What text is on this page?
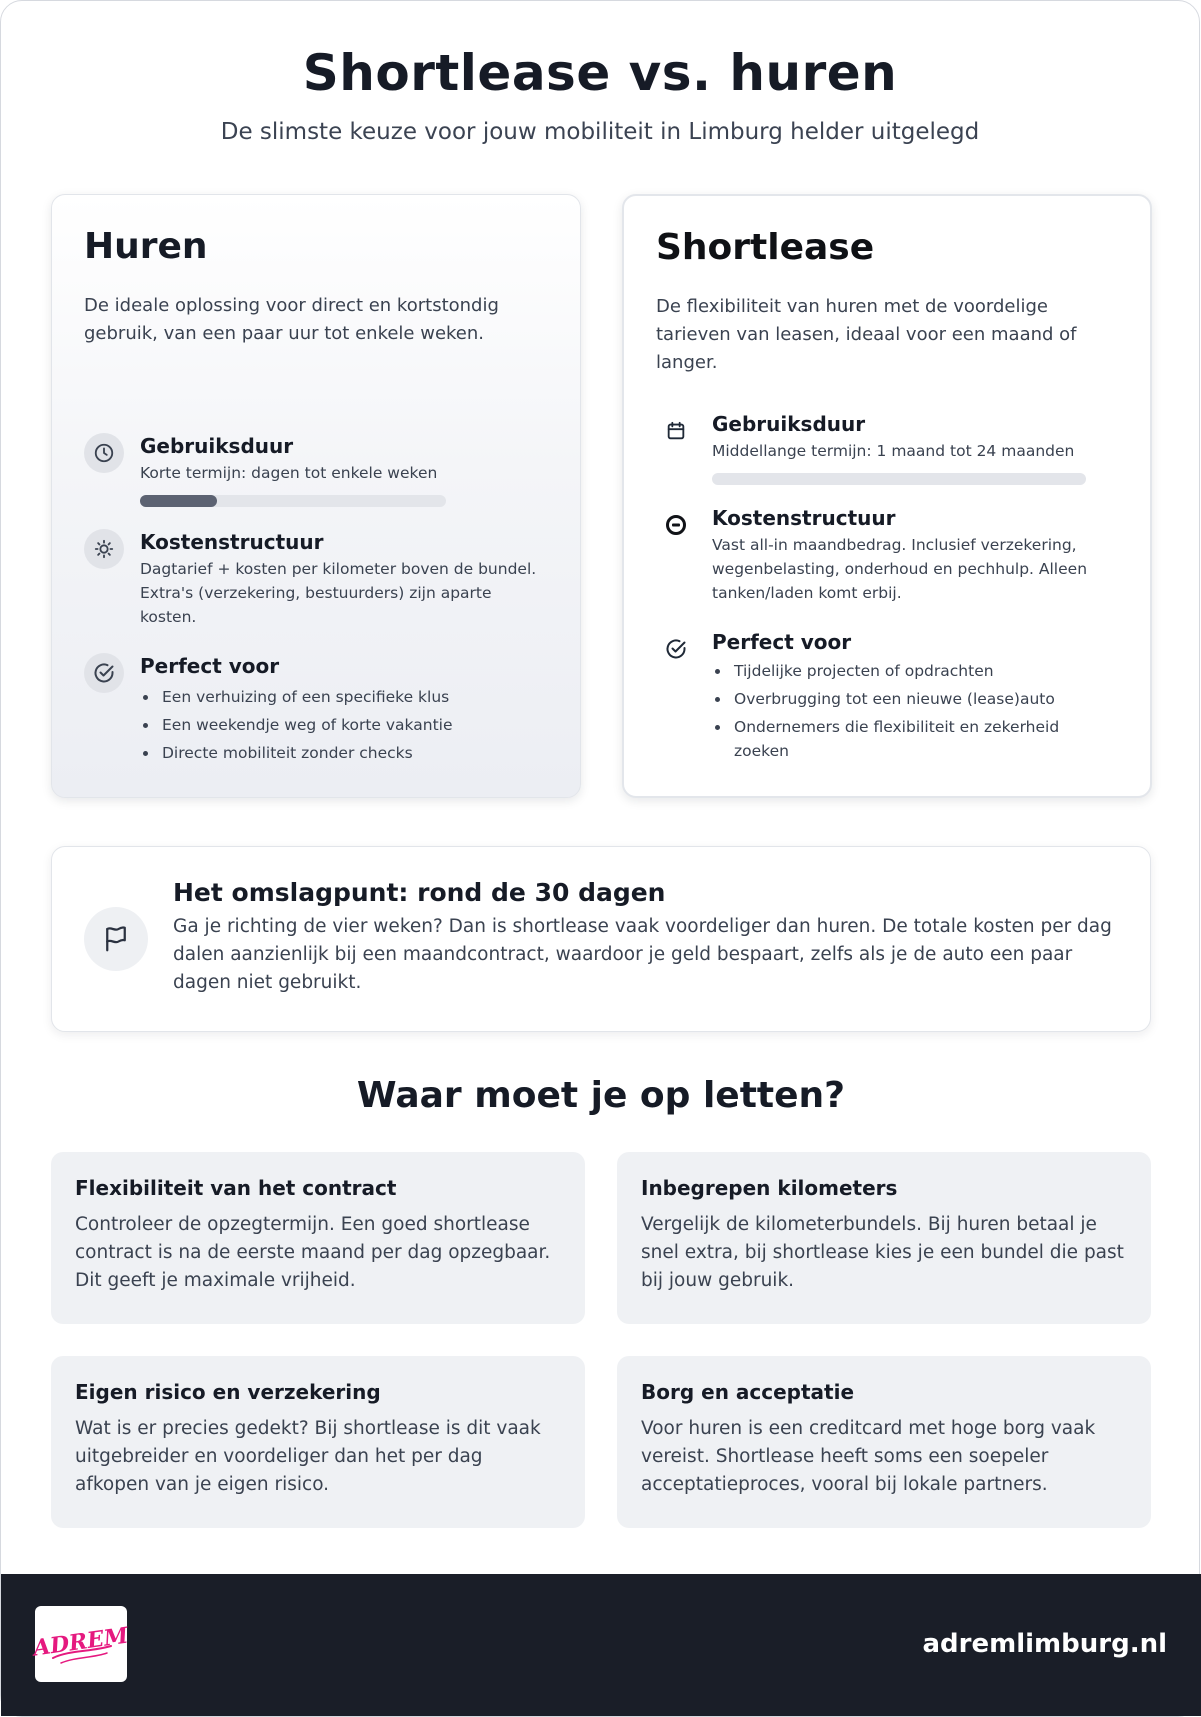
Shortlease vs. huren

De slimste keuze voor jouw mobiliteit in Limburg helder uitgelegd

Huren

De ideale oplossing voor direct en kortstondig gebruik, van een paar uur tot enkele weken.

Gebruiksduur
Korte termijn: dagen tot enkele weken
Kostenstructuur
Dagtarief + kosten per kilometer boven de bundel. Extra's (verzekering, bestuurders) zijn aparte kosten.
Perfect voor
Een verhuizing of een specifieke klus
Een weekendje weg of korte vakantie
Directe mobiliteit zonder checks
Shortlease

De flexibiliteit van huren met de voordelige tarieven van leasen, ideaal voor een maand of langer.

Gebruiksduur
Middellange termijn: 1 maand tot 24 maanden
Kostenstructuur
Vast all-in maandbedrag. Inclusief verzekering, wegenbelasting, onderhoud en pechhulp. Alleen tanken/laden komt erbij.
Perfect voor
Tijdelijke projecten of opdrachten
Overbrugging tot een nieuwe (lease)auto
Ondernemers die flexibiliteit en zekerheid zoeken
Het omslagpunt: rond de 30 dagen
Ga je richting de vier weken? Dan is shortlease vaak voordeliger dan huren. De totale kosten per dag dalen aanzienlijk bij een maandcontract, waardoor je geld bespaart, zelfs als je de auto een paar dagen niet gebruikt.
Waar moet je op letten?
Flexibiliteit van het contract
Controleer de opzegtermijn. Een goed shortlease contract is na de eerste maand per dag opzegbaar. Dit geeft je maximale vrijheid.
Inbegrepen kilometers
Vergelijk de kilometerbundels. Bij huren betaal je snel extra, bij shortlease kies je een bundel die past bij jouw gebruik.
Eigen risico en verzekering
Wat is er precies gedekt? Bij shortlease is dit vaak uitgebreider en voordeliger dan het per dag afkopen van je eigen risico.
Borg en acceptatie
Voor huren is een creditcard met hoge borg vaak vereist. Shortlease heeft soms een soepeler acceptatieproces, vooral bij lokale partners.
ADREM	adremlimburg.nl
